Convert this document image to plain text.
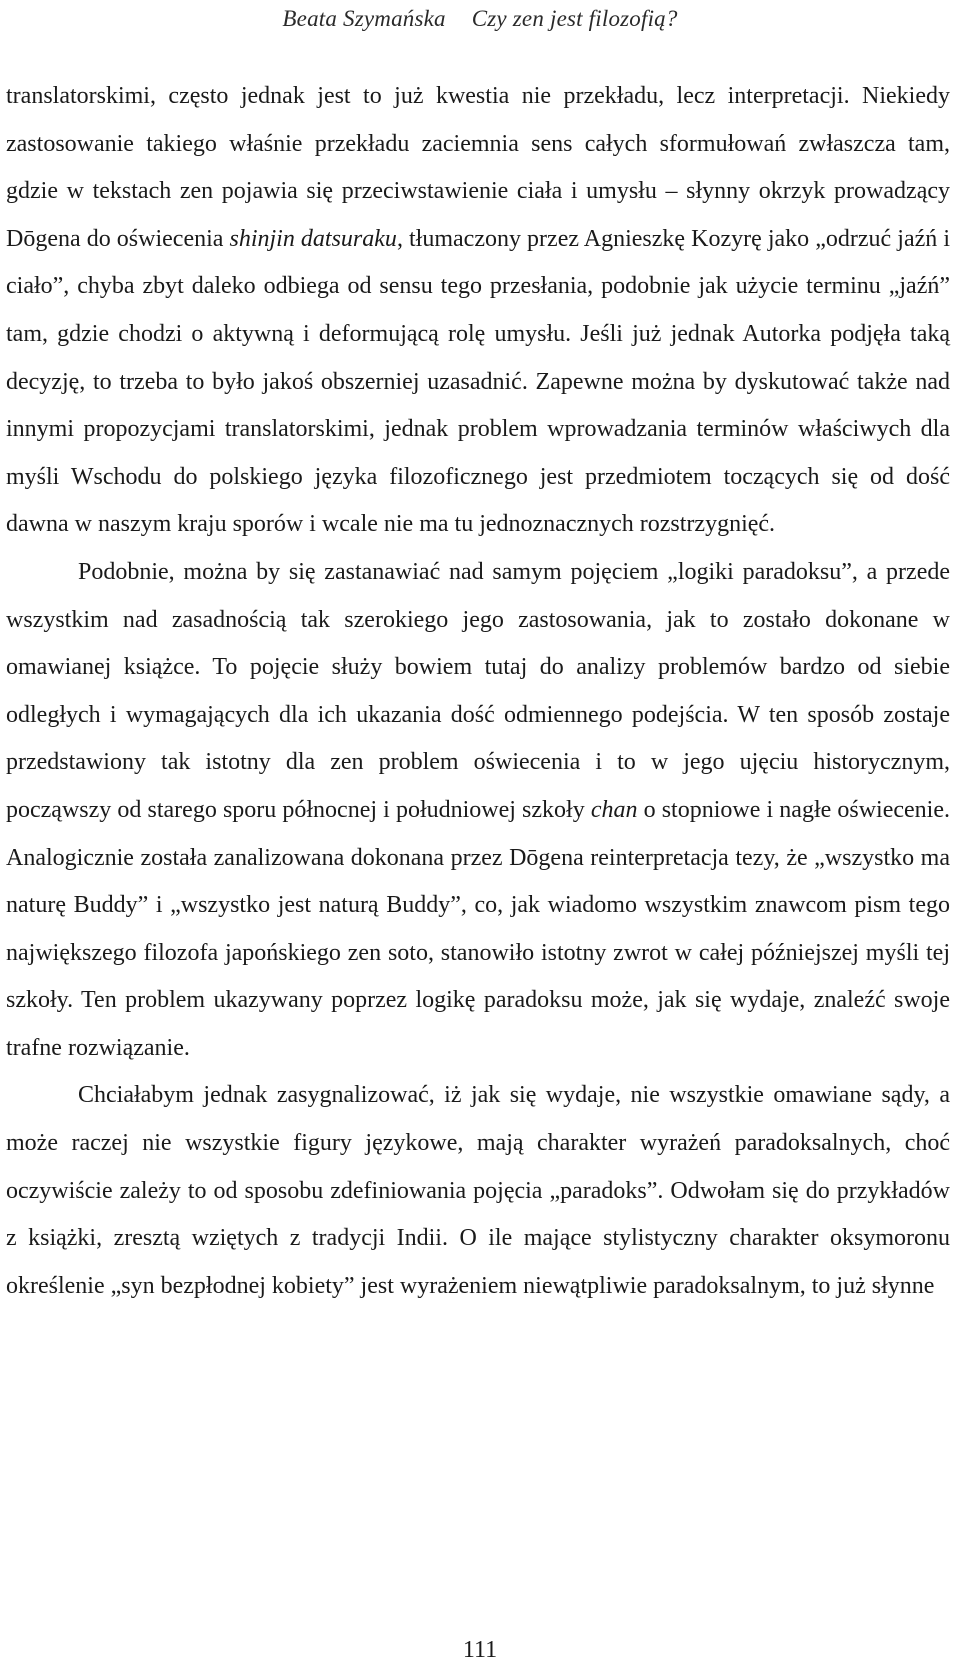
Beata Szymańska Czy zen jest filozofią?

translatorskimi, często jednak jest to już kwestia nie przekładu, lecz interpretacji. Niekiedy zastosowanie takiego właśnie przekładu zaciemnia sens całych sformułowań zwłaszcza tam, gdzie w tekstach zen pojawia się przeciwstawienie ciała i umysłu – słynny okrzyk prowadzący Dōgena do oświecenia shinjin datsuraku, tłumaczony przez Agnieszkę Kozyrę jako „odrzuć jaźń i ciało”, chyba zbyt daleko odbiega od sensu tego przesłania, podobnie jak użycie terminu „jaźń” tam, gdzie chodzi o aktywną i deformującą rolę umysłu. Jeśli już jednak Autorka podjęła taką decyzję, to trzeba to było jakoś obszerniej uzasadnić. Zapewne można by dyskutować także nad innymi propozycjami translatorskimi, jednak problem wprowadzania terminów właściwych dla myśli Wschodu do polskiego języka filozoficznego jest przedmiotem toczących się od dość dawna w naszym kraju sporów i wcale nie ma tu jednoznacznych rozstrzygnięć.

Podobnie, można by się zastanawiać nad samym pojęciem „logiki paradoksu”, a przede wszystkim nad zasadnością tak szerokiego jego zastosowania, jak to zostało dokonane w omawianej książce. To pojęcie służy bowiem tutaj do analizy problemów bardzo od siebie odległych i wymagających dla ich ukazania dość odmiennego podejścia. W ten sposób zostaje przedstawiony tak istotny dla zen problem oświecenia i to w jego ujęciu historycznym, począwszy od starego sporu północnej i południowej szkoły chan o stopniowe i nagłe oświecenie. Analogicznie została zanalizowana dokonana przez Dōgena reinterpretacja tezy, że „wszystko ma naturę Buddy” i „wszystko jest naturą Buddy”, co, jak wiadomo wszystkim znawcom pism tego największego filozofa japońskiego zen soto, stanowiło istotny zwrot w całej późniejszej myśli tej szkoły. Ten problem ukazywany poprzez logikę paradoksu może, jak się wydaje, znaleźć swoje trafne rozwiązanie.

Chciałabym jednak zasygnalizować, iż jak się wydaje, nie wszystkie omawiane sądy, a może raczej nie wszystkie figury językowe, mają charakter wyrażeń paradoksalnych, choć oczywiście zależy to od sposobu zdefiniowania pojęcia „paradoks”. Odwołam się do przykładów z książki, zresztą wziętych z tradycji Indii. O ile mające stylistyczny charakter oksymoronu określenie „syn bezpłodnej kobiety” jest wyrażeniem niewątpliwie paradoksalnym, to już słynne

111
